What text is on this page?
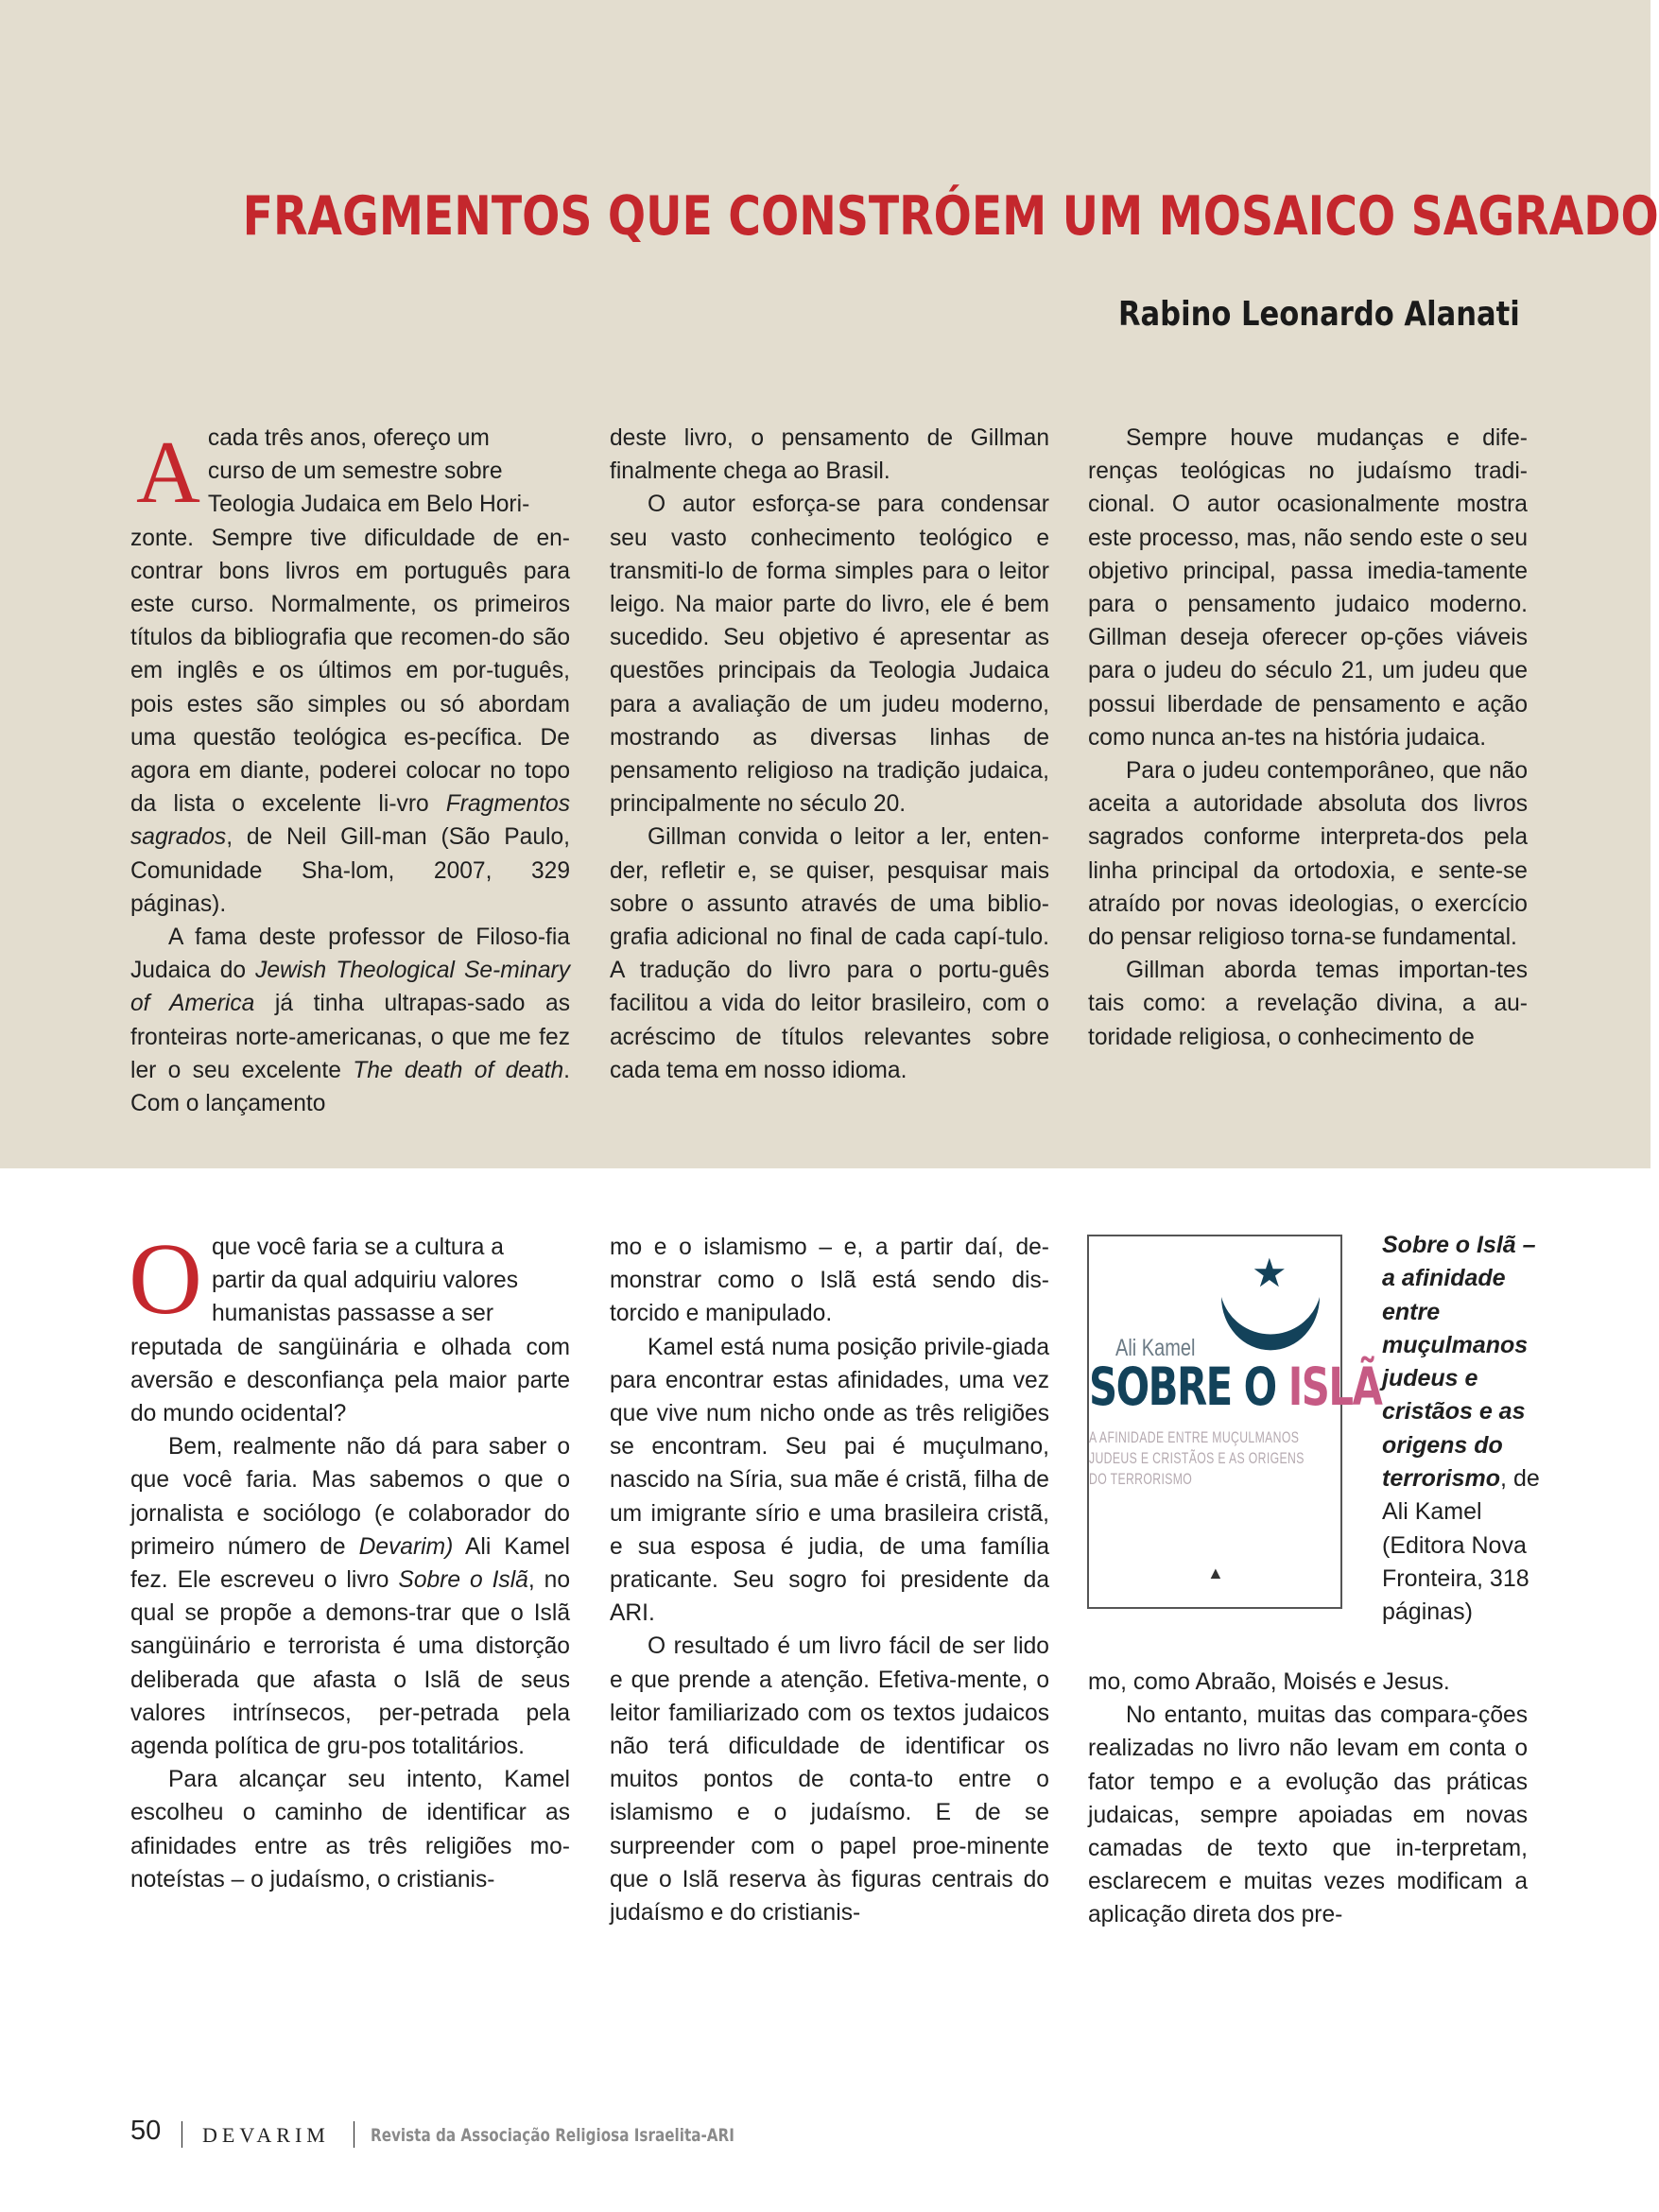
FRAGMENTOS QUE CONSTRÓEM UM MOSAICO SAGRADO
Rabino Leonardo Alanati

A cada três anos, ofereço um
curso de um semestre sobre
Teologia Judaica em Belo Hori-
zonte. Sempre tive dificuldade de en-contrar bons livros em português para este curso. Normalmente, os primeiros títulos da bibliografia que recomen-do são em inglês e os últimos em por-tuguês, pois estes são simples ou só abordam uma questão teológica es-pecífica. De agora em diante, poderei colocar no topo da lista o excelente li-vro Fragmentos sagrados, de Neil Gill-man (São Paulo, Comunidade Sha-lom, 2007, 329 páginas).

A fama deste professor de Filoso-fia Judaica do Jewish Theological Se-minary of America já tinha ultrapas-sado as fronteiras norte-americanas, o que me fez ler o seu excelente The death of death. Com o lançamento

deste livro, o pensamento de Gillman finalmente chega ao Brasil.

O autor esforça-se para condensar seu vasto conhecimento teológico e transmiti-lo de forma simples para o leitor leigo. Na maior parte do livro, ele é bem sucedido. Seu objetivo é apresentar as questões principais da Teologia Judaica para a avaliação de um judeu moderno, mostrando as diversas linhas de pensamento religioso na tradição judaica, principalmente no século 20.

Gillman convida o leitor a ler, enten-der, refletir e, se quiser, pesquisar mais sobre o assunto através de uma biblio-grafia adicional no final de cada capí-tulo. A tradução do livro para o portu-guês facilitou a vida do leitor brasileiro, com o acréscimo de títulos relevantes sobre cada tema em nosso idioma.

Sempre houve mudanças e dife-renças teológicas no judaísmo tradi-cional. O autor ocasionalmente mostra este processo, mas, não sendo este o seu objetivo principal, passa imedia-tamente para o pensamento judaico moderno. Gillman deseja oferecer op-ções viáveis para o judeu do século 21, um judeu que possui liberdade de pensamento e ação como nunca an-tes na história judaica.

Para o judeu contemporâneo, que não aceita a autoridade absoluta dos livros sagrados conforme interpreta-dos pela linha principal da ortodoxia, e sente-se atraído por novas ideologias, o exercício do pensar religioso torna-se fundamental.

Gillman aborda temas importan-tes tais como: a revelação divina, a au-toridade religiosa, o conhecimento de

O que você faria se a cultura a
partir da qual adquiriu valores
humanistas passasse a ser
reputada de sangüinária e olhada com aversão e desconfiança pela maior parte do mundo ocidental?

Bem, realmente não dá para saber o que você faria. Mas sabemos o que o jornalista e sociólogo (e colaborador do primeiro número de Devarim) Ali Kamel fez. Ele escreveu o livro Sobre o Islã, no qual se propõe a demons-trar que o Islã sangüinário e terrorista é uma distorção deliberada que afasta o Islã de seus valores intrínsecos, per-petrada pela agenda política de gru-pos totalitários.

Para alcançar seu intento, Kamel escolheu o caminho de identificar as afinidades entre as três religiões mo-noteístas – o judaísmo, o cristianis-

mo e o islamismo – e, a partir daí, de-monstrar como o Islã está sendo dis-torcido e manipulado.

Kamel está numa posição privile-giada para encontrar estas afinidades, uma vez que vive num nicho onde as três religiões se encontram. Seu pai é muçulmano, nascido na Síria, sua mãe é cristã, filha de um imigrante sírio e uma brasileira cristã, e sua esposa é judia, de uma família praticante. Seu sogro foi presidente da ARI.

O resultado é um livro fácil de ser lido e que prende a atenção. Efetiva-mente, o leitor familiarizado com os textos judaicos não terá dificuldade de identificar os muitos pontos de conta-to entre o islamismo e o judaísmo. E de se surpreender com o papel proe-minente que o Islã reserva às figuras centrais do judaísmo e do cristianis-

★
Ali Kamel
SOBRE O ISLÃ
A AFINIDADE ENTRE MUÇULMANOS
JUDEUS E CRISTÃOS E AS ORIGENS
DO TERRORISMO
▲
Sobre o Islã – a afinidade entre muçulmanos judeus e cristãos e as origens do terrorismo, de Ali Kamel (Editora Nova Fronteira, 318 páginas)

mo, como Abraão, Moisés e Jesus.

No entanto, muitas das compara-ções realizadas no livro não levam em conta o fator tempo e a evolução das práticas judaicas, sempre apoiadas em novas camadas de texto que in-terpretam, esclarecem e muitas vezes modificam a aplicação direta dos pre-

50 DEVARIM Revista da Associação Religiosa Israelita-ARI
